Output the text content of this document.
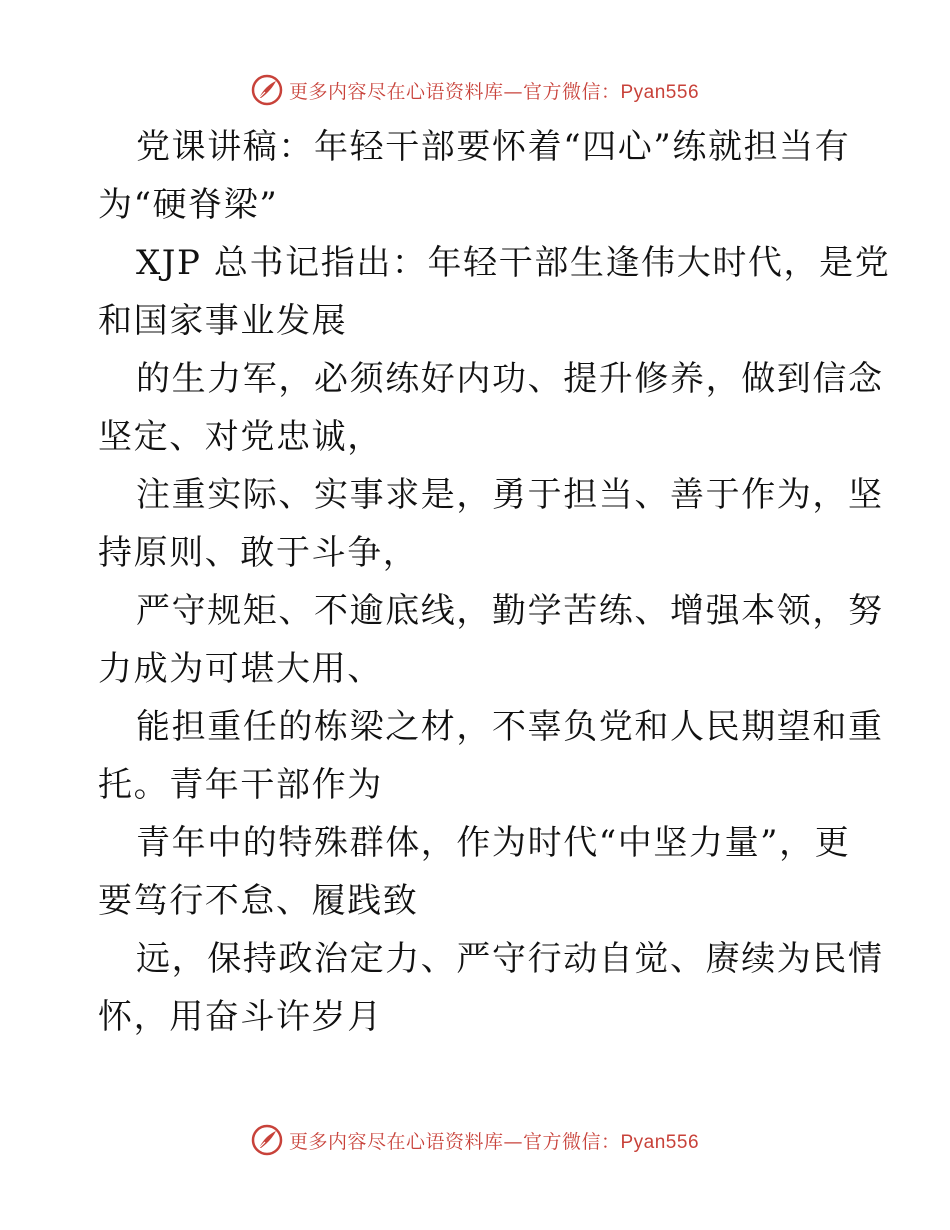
更多内容尽在心语资料库—官方微信：Pyan556
党课讲稿：年轻干部要怀着“四心”练就担当有
为“硬脊梁”
XJP 总书记指出：年轻干部生逢伟大时代，是党
和国家事业发展
的生力军，必须练好内功、提升修养，做到信念
坚定、对党忠诚，
注重实际、实事求是，勇于担当、善于作为，坚
持原则、敢于斗争，
严守规矩、不逾底线，勤学苦练、增强本领，努
力成为可堪大用、
能担重任的栋梁之材，不辜负党和人民期望和重
托。青年干部作为
青年中的特殊群体，作为时代“中坚力量”，更
要笃行不怠、履践致
远，保持政治定力、严守行动自觉、赓续为民情
怀，用奋斗许岁月
更多内容尽在心语资料库—官方微信：Pyan556
